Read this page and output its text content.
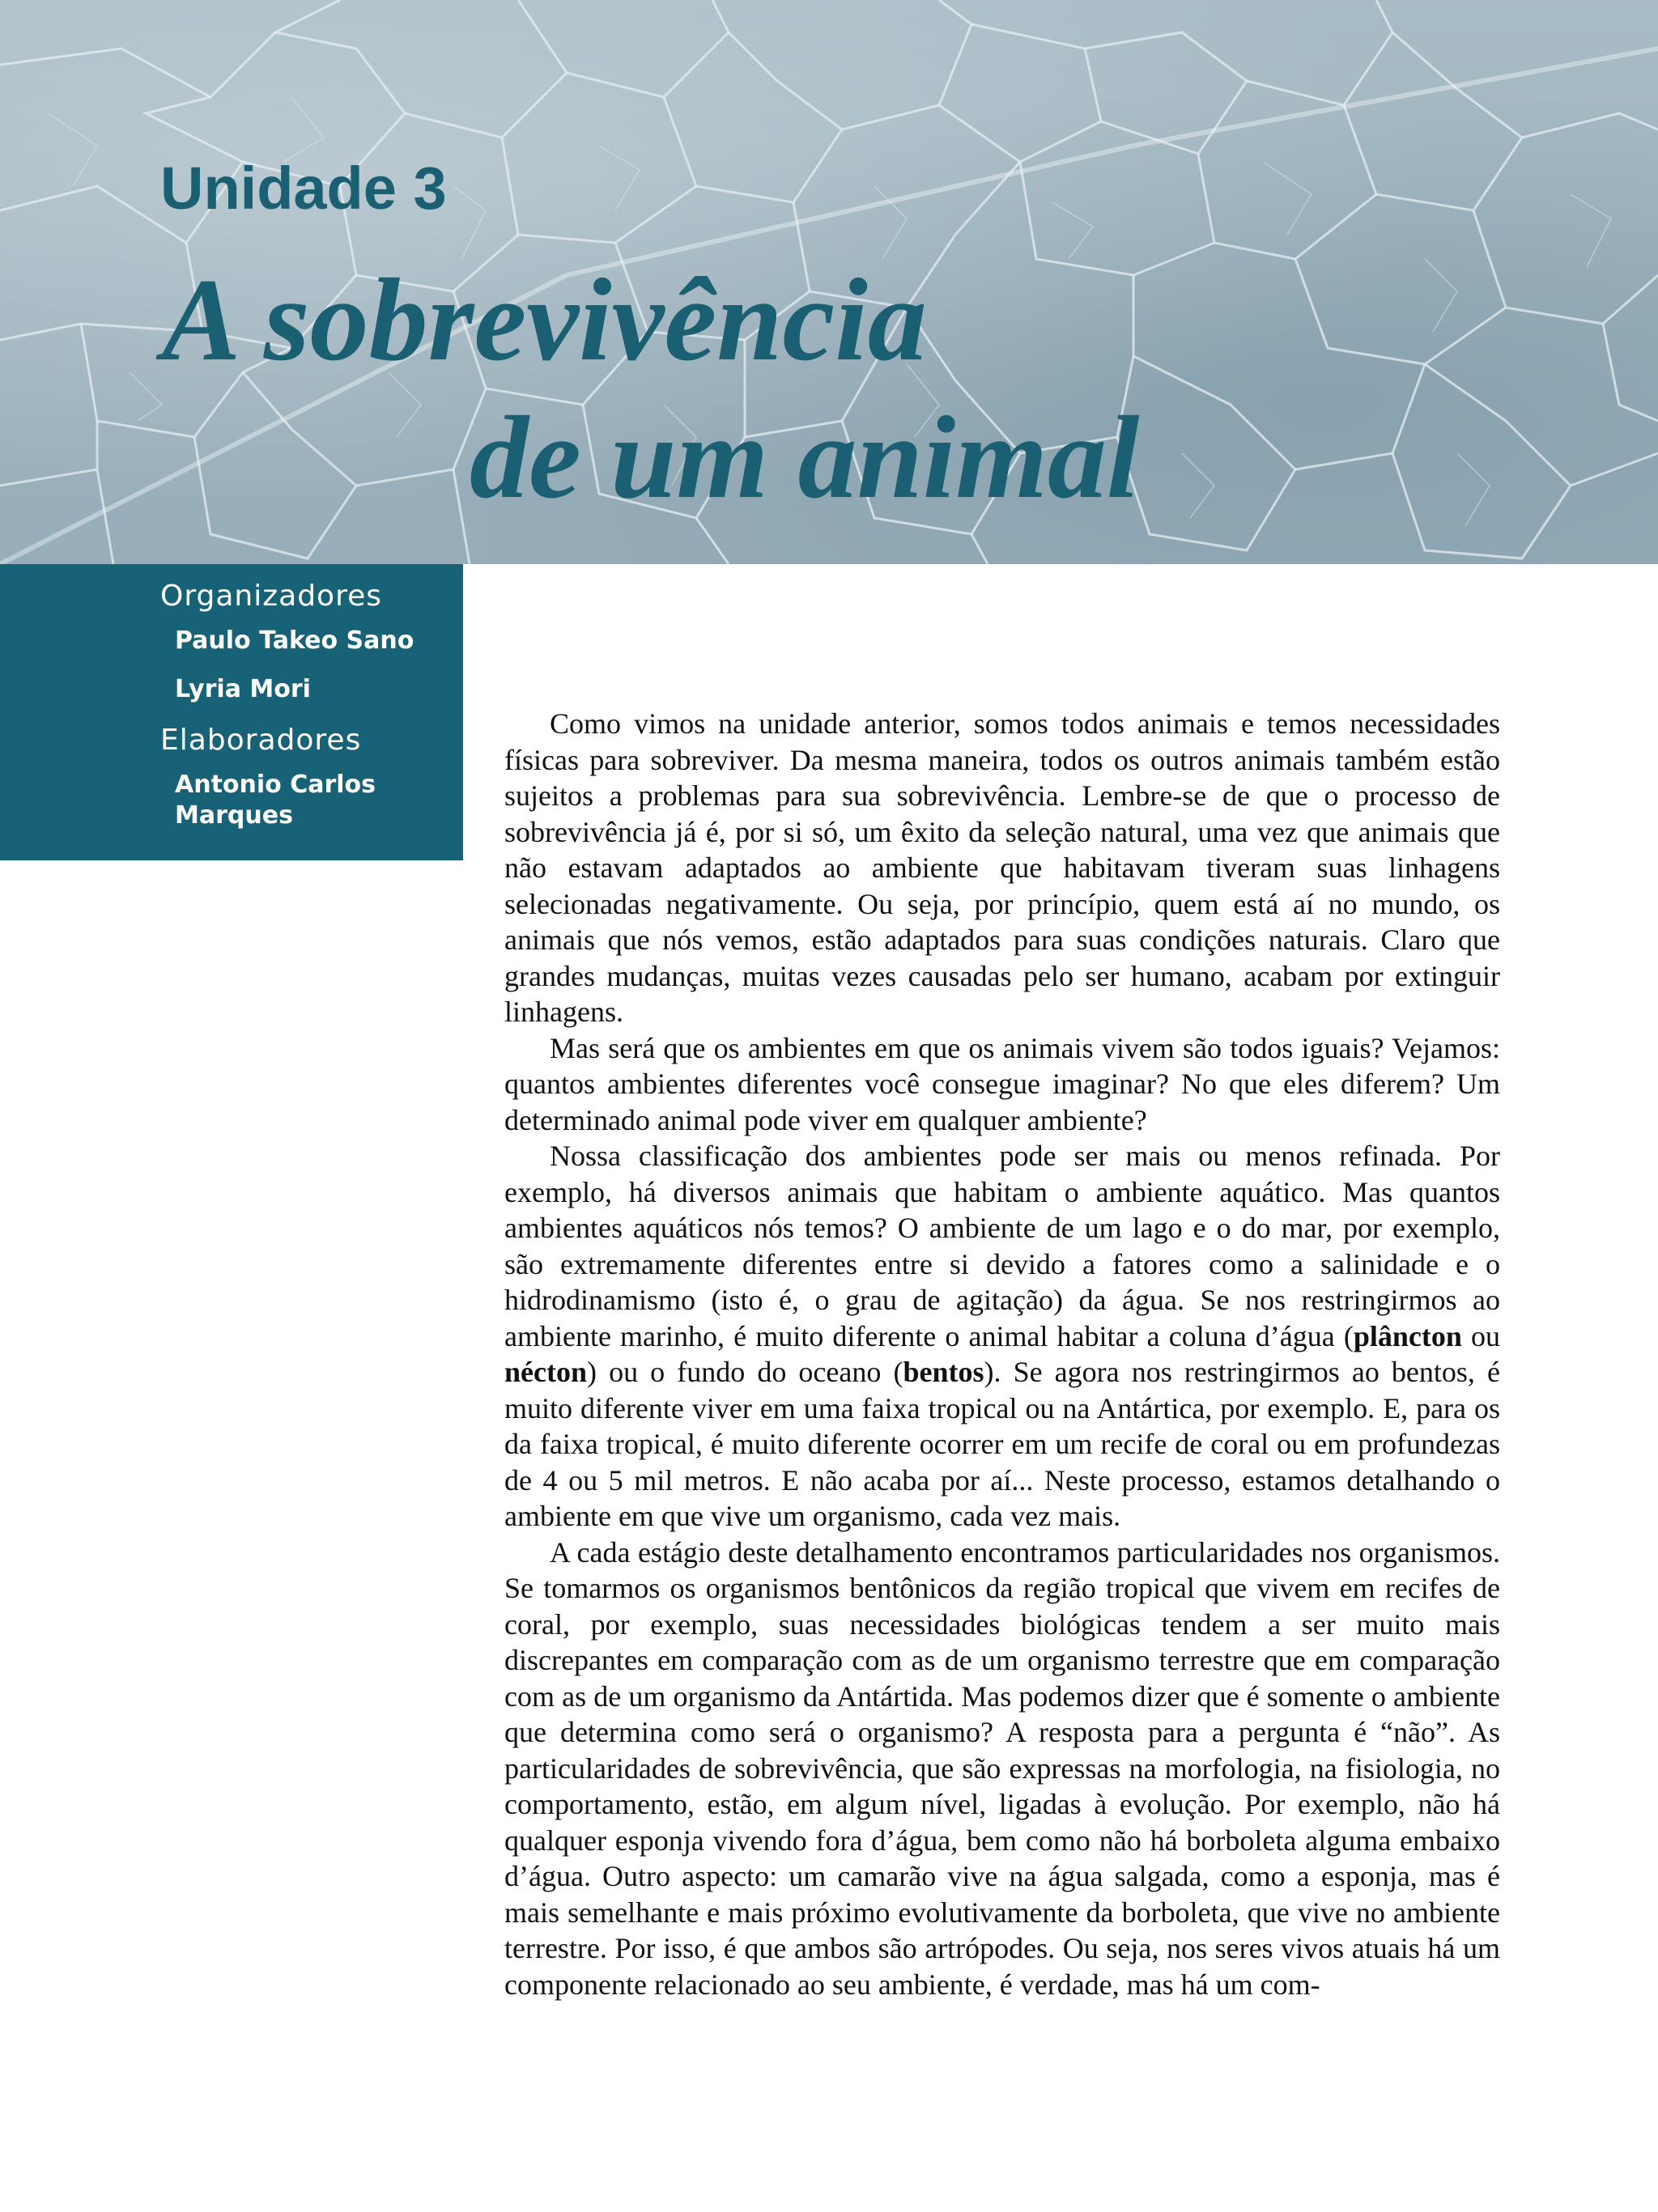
Unidade 3
A sobrevivência
de um animal
Organizadores

Paulo Takeo Sano

Lyria Mori

Elaboradores

Antonio Carlos Marques

Como vimos na unidade anterior, somos todos animais e temos necessidades físicas para sobreviver. Da mesma maneira, todos os outros animais também estão sujeitos a problemas para sua sobrevivência. Lembre-se de que o processo de sobrevivência já é, por si só, um êxito da seleção natural, uma vez que animais que não estavam adaptados ao ambiente que habitavam tiveram suas linhagens selecionadas negativamente. Ou seja, por princípio, quem está aí no mundo, os animais que nós vemos, estão adaptados para suas condições naturais. Claro que grandes mudanças, muitas vezes causadas pelo ser humano, acabam por extinguir linhagens.

Mas será que os ambientes em que os animais vivem são todos iguais? Vejamos: quantos ambientes diferentes você consegue imaginar? No que eles diferem? Um determinado animal pode viver em qualquer ambiente?

Nossa classificação dos ambientes pode ser mais ou menos refinada. Por exemplo, há diversos animais que habitam o ambiente aquático. Mas quantos ambientes aquáticos nós temos? O ambiente de um lago e o do mar, por exemplo, são extremamente diferentes entre si devido a fatores como a salinidade e o hidrodinamismo (isto é, o grau de agitação) da água. Se nos restringirmos ao ambiente marinho, é muito diferente o animal habitar a coluna d’água (plâncton ou nécton) ou o fundo do oceano (bentos). Se agora nos restringirmos ao bentos, é muito diferente viver em uma faixa tropical ou na Antártica, por exemplo. E, para os da faixa tropical, é muito diferente ocorrer em um recife de coral ou em profundezas de 4 ou 5 mil metros. E não acaba por aí... Neste processo, estamos detalhando o ambiente em que vive um organismo, cada vez mais.

A cada estágio deste detalhamento encontramos particularidades nos organismos. Se tomarmos os organismos bentônicos da região tropical que vivem em recifes de coral, por exemplo, suas necessidades biológicas tendem a ser muito mais discrepantes em comparação com as de um organismo terrestre que em comparação com as de um organismo da Antártida. Mas podemos dizer que é somente o ambiente que determina como será o organismo? A resposta para a pergunta é “não”. As particularidades de sobrevivência, que são expressas na morfologia, na fisiologia, no comportamento, estão, em algum nível, ligadas à evolução. Por exemplo, não há qualquer esponja vivendo fora d’água, bem como não há borboleta alguma embaixo d’água. Outro aspecto: um camarão vive na água salgada, como a esponja, mas é mais semelhante e mais próximo evolutivamente da borboleta, que vive no ambiente terrestre. Por isso, é que ambos são artrópodes. Ou seja, nos seres vivos atuais há um componente relacionado ao seu ambiente, é verdade, mas há um com-
